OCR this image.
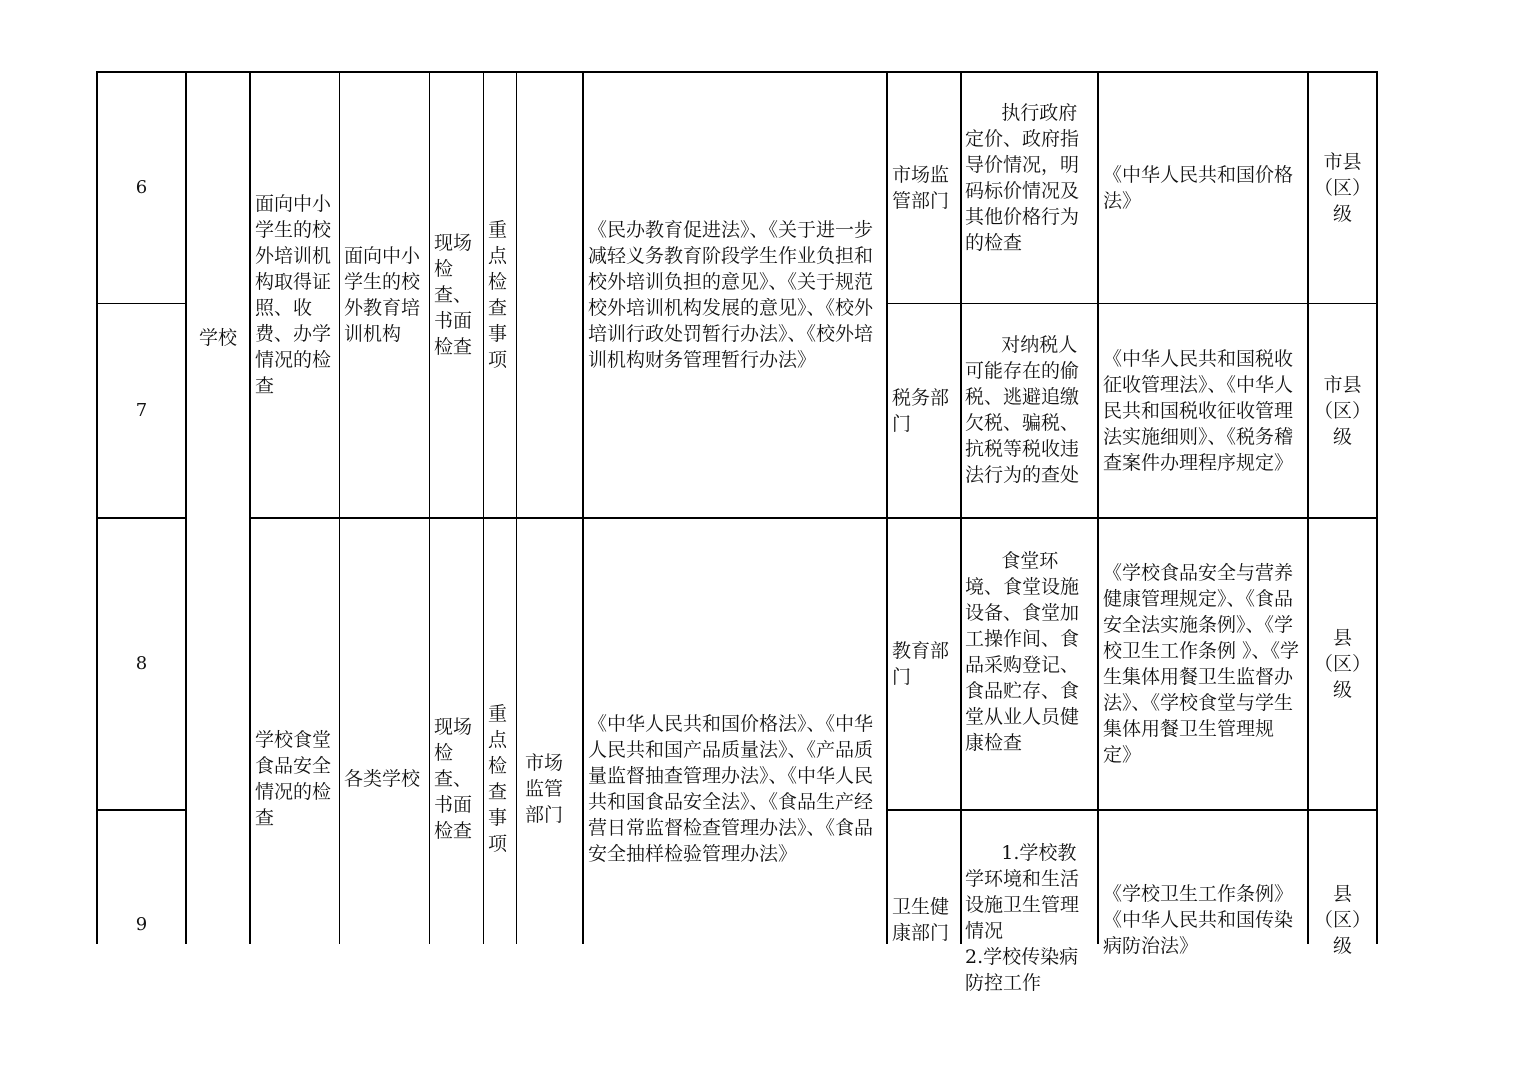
6
7
8
9
学校
面向中小学生的校外培训机构取得证照、收费、办学情况的检查
面向中小学生的校外教育培训机构
现场检查、书面检查
重点检查事项
《民办教育促进法》、《关于进一步减轻义务教育阶段学生作业负担和校外培训负担的意见》、《关于规范校外培训机构发展的意见》、《校外培训行政处罚暂行办法》、《校外培训机构财务管理暂行办法》
市场监管部门

执行政府定价、政府指导价情况，明码标价情况及其他价格行为的检查

《中华人民共和国价格法》
市县（区）级
税务部门

对纳税人可能存在的偷税、逃避追缴欠税、骗税、抗税等税收违法行为的查处

《中华人民共和国税收征收管理法》、《中华人民共和国税收征收管理法实施细则》、《税务稽查案件办理程序规定》
市县（区）级
学校食堂食品安全情况的检查
各类学校
现场检查、书面检查
重点检查事项
市场监管部门
《中华人民共和国价格法》、《中华人民共和国产品质量法》、《产品质量监督抽查管理办法》、《中华人民共和国食品安全法》、《食品生产经营日常监督检查管理办法》、《食品安全抽样检验管理办法》
教育部门

食堂环境、食堂设施设备、食堂加工操作间、食品采购登记、食品贮存、食堂从业人员健康检查

《学校食品安全与营养健康管理规定》、《食品安全法实施条例》、《学校卫生工作条例 》、《学生集体用餐卫生监督办法》、《学校食堂与学生集体用餐卫生管理规定》
县（区）级
卫生健康部门

1.学校教学环境和生活设施卫生管理情况
2.学校传染病防控工作

《学校卫生工作条例》《中华人民共和国传染病防治法》
县（区）级
